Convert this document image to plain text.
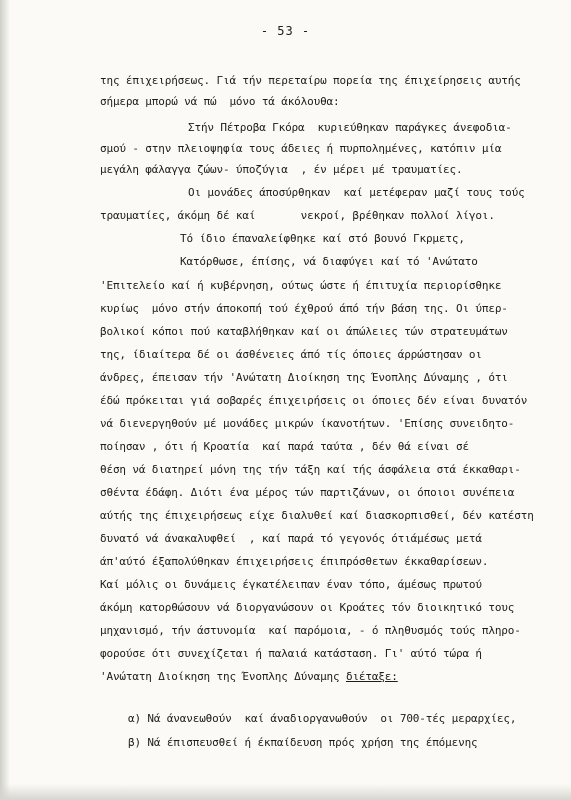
- 53 -
της έπιχειρήσεως. Γιά τήν περεταίρω πορεία της έπιχείρησεις αυτής
σήμερα μπορώ νά πώ  μόνο τά άκόλουθα:
Στήν Πέτροβα Γκόρα  κυριεύθηκαν παράγκες άνεφοδια-
σμού - στην πλειοψηφία τους άδειες ή πυρπολημένες, κατόπιν μία
μεγάλη φάλαγγα ζώων- ύποζύγια  , έν μέρει μέ τραυματίες.
Οι μονάδες άποσύρθηκαν  καί μετέφεραν μαζί τους τούς
τραυματίες, άκόμη δέ καί       νεκροί, βρέθηκαν πολλοί λίγοι.
Τό ίδιο έπαναλείφθηκε καί στό βουνό Γκρμετς,
Κατόρθωσε, έπίσης, νά διαφύγει καί τό 'Ανώτατο
'Επιτελείο καί ή κυβέρνηση, ούτως ώστε ή έπιτυχία περιορίσθηκε
κυρίως  μόνο στήν άποκοπή τού έχθρού άπό τήν βάση της. Οι ύπερ-
βολικοί κόποι πού καταβλήθηκαν καί οι άπώλειες τών στρατευμάτων
της, ίδιαίτερα δέ οι άσθένειες άπό τίς όποιες άρρώστησαν οι
άνδρες, έπεισαν τήν 'Ανώτατη Διοίκηση της Ένοπλης Δύναμης , ότι
έδώ πρόκειται γιά σοβαρές έπιχειρήσεις οι όποιες δέν είναι δυνατόν
νά διενεργηθούν μέ μονάδες μικρών ίκανοτήτων. 'Επίσης συνειδητο-
ποίησαν , ότι ή Κροατία  καί παρά ταύτα , δέν θά είναι σέ
θέση νά διατηρεί μόνη της τήν τάξη καί τής άσφάλεια στά έκκαθαρι-
σθέντα έδάφη. Διότι ένα μέρος τών παρτιζάνων, οι όποιοι συνέπεια
αύτής της έπιχειρήσεως είχε διαλυθεί καί διασκορπισθεί, δέν κατέστη
δυνατό νά άνακαλυφθεί  , καί παρά τό γεγονός ότιάμέσως μετά
άπ'αύτό έξαπολύθηκαν έπιχειρήσεις έπιπρόσθετων έκκαθαρίσεων.
Καί μόλις οι δυνάμεις έγκατέλειπαν έναν τόπο, άμέσως πρωτού
άκόμη κατορθώσουν νά διοργανώσουν οι Κροάτες τόν διοικητικό τους
μηχανισμό, τήν άστυνομία  καί παρόμοια, - ό πληθυσμός τούς πληρο-
φορούσε ότι συνεχίζεται ή παλαιά κατάσταση. Γι' αύτό τώρα ή
'Ανώτατη Διοίκηση της Ένοπλης Δύναμης διέταξε:
α) Νά άνανεωθούν  καί άναδιοργανωθούν  οι 700-τές μεραρχίες,
β) Νά έπισπευσθεί ή έκπαίδευση πρός χρήση της έπόμενης
